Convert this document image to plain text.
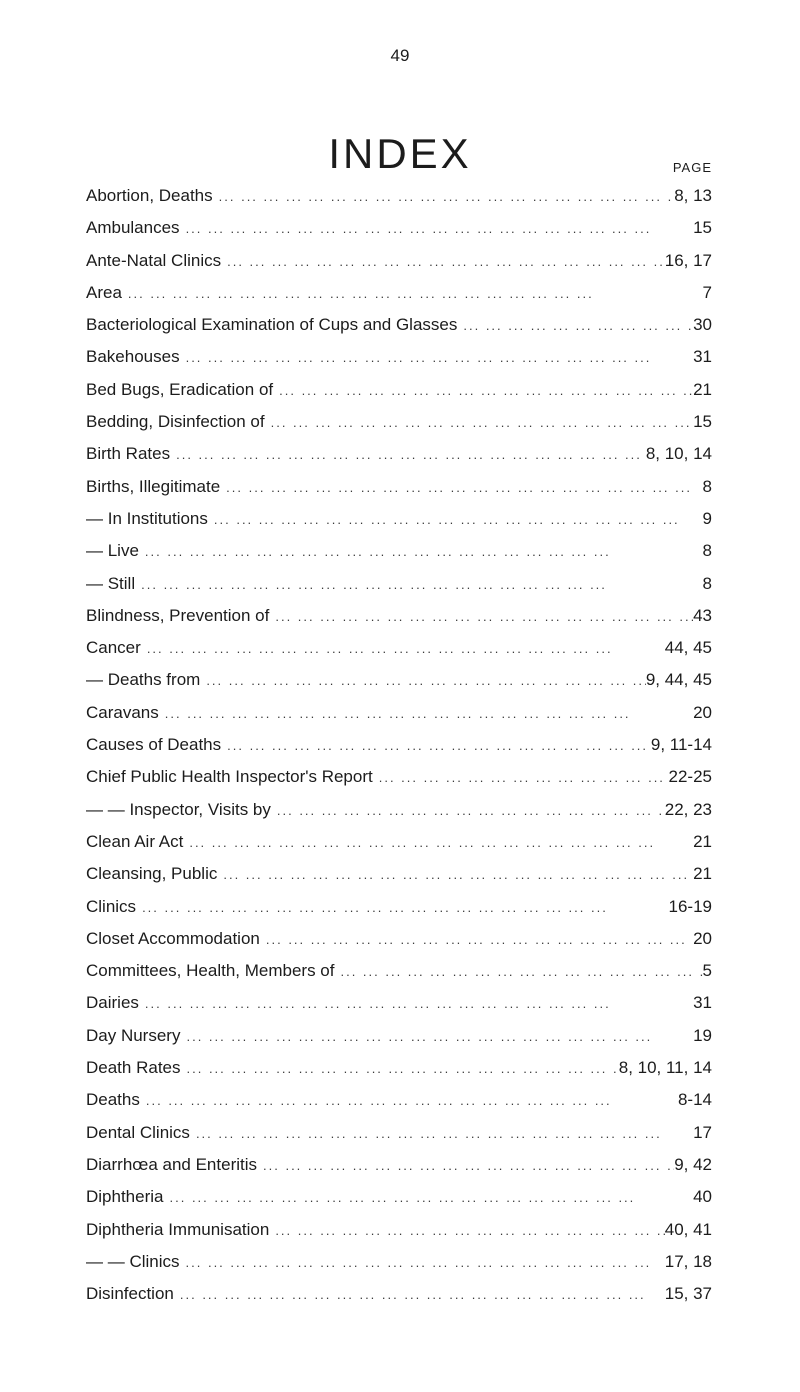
49
INDEX	PAGE
Abortion, Deaths ... .	8, 13
Ambulances ... .	15
Ante-Natal Clinics ... .	16, 17
Area ... .	7
Bacteriological Examination of Cups and Glasses ... .	30
Bakehouses ... .	31
Bed Bugs, Eradication of ... .	21
Bedding, Disinfection of ... .	15
Birth Rates ... .	8, 10, 14
Births, Illegitimate ... .	8
— In Institutions ... .	9
— Live ... .	8
— Still ... .	8
Blindness, Prevention of ... .	43
Cancer ... .	44, 45
— Deaths from ... .	9, 44, 45
Caravans ... .	20
Causes of Deaths ... .	9, 11-14
Chief Public Health Inspector's Report ... .	22-25
— — Inspector, Visits by ... .	22, 23
Clean Air Act ... .	21
Cleansing, Public ... .	21
Clinics ... .	16-19
Closet Accommodation ... .	20
Committees, Health, Members of ... .	5
Dairies ... .	31
Day Nursery ... .	19
Death Rates ... .	8, 10, 11, 14
Deaths ... .	8-14
Dental Clinics ... .	17
Diarrhœa and Enteritis ... .	9, 42
Diphtheria ... .	40
Diphtheria Immunisation ... .	40, 41
— — Clinics ... .	17, 18
Disinfection ... .	15, 37
